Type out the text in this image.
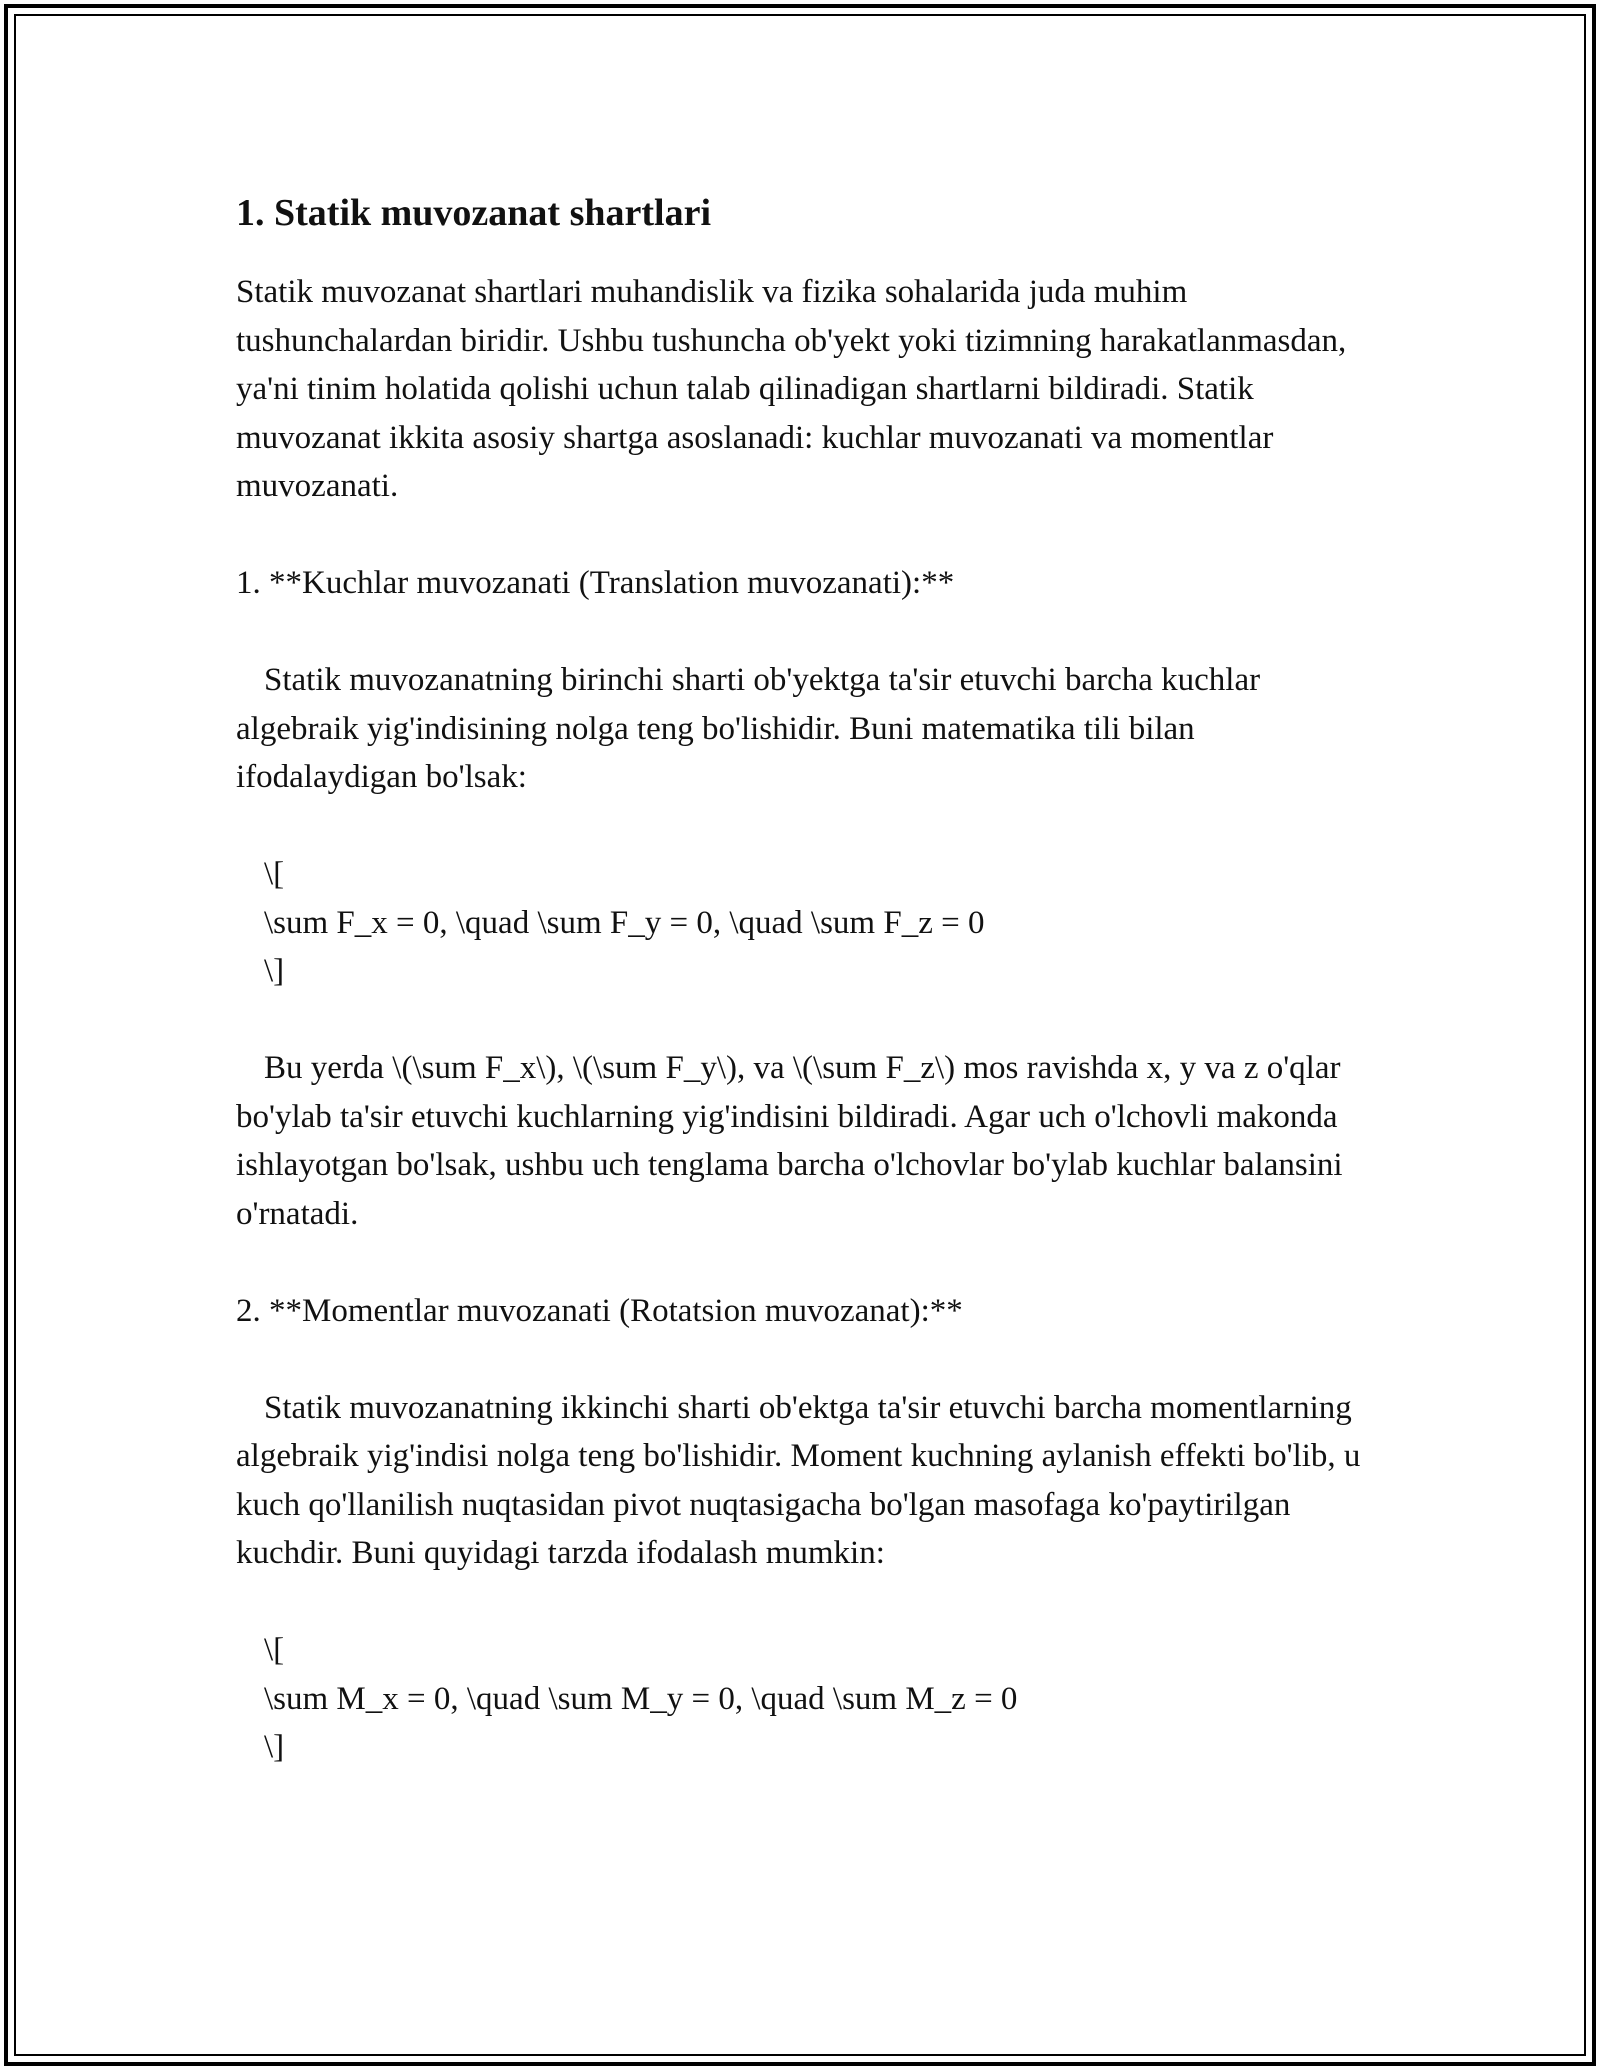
1. Statik muvozanat shartlari

Statik muvozanat shartlari muhandislik va fizika sohalarida juda muhim tushunchalardan biridir. Ushbu tushuncha ob'yekt yoki tizimning harakatlanmasdan, ya'ni tinim holatida qolishi uchun talab qilinadigan shartlarni bildiradi. Statik muvozanat ikkita asosiy shartga asoslanadi: kuchlar muvozanati va momentlar muvozanati.

1. **Kuchlar muvozanati (Translation muvozanati):**

Statik muvozanatning birinchi sharti ob'yektga ta'sir etuvchi barcha kuchlar algebraik yig'indisining nolga teng bo'lishidir. Buni matematika tili bilan ifodalaydigan bo'lsak:

\[
\sum F_x = 0, \quad \sum F_y = 0, \quad \sum F_z = 0
\]

Bu yerda \(\sum F_x\), \(\sum F_y\), va \(\sum F_z\) mos ravishda x, y va z o'qlar bo'ylab ta'sir etuvchi kuchlarning yig'indisini bildiradi. Agar uch o'lchovli makonda ishlayotgan bo'lsak, ushbu uch tenglama barcha o'lchovlar bo'ylab kuchlar balansini o'rnatadi.

2. **Momentlar muvozanati (Rotatsion muvozanat):**

Statik muvozanatning ikkinchi sharti ob'ektga ta'sir etuvchi barcha momentlarning algebraik yig'indisi nolga teng bo'lishidir. Moment kuchning aylanish effekti bo'lib, u kuch qo'llanilish nuqtasidan pivot nuqtasigacha bo'lgan masofaga ko'paytirilgan kuchdir. Buni quyidagi tarzda ifodalash mumkin:

\[
\sum M_x = 0, \quad \sum M_y = 0, \quad \sum M_z = 0
\]
